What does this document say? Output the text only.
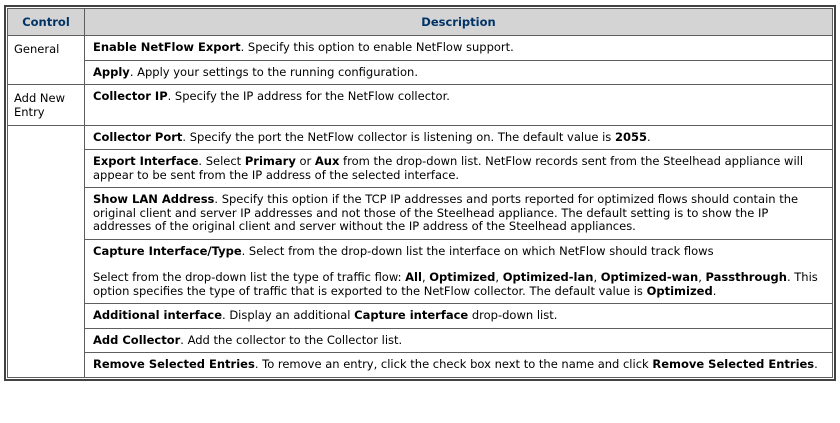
Control	Description
General	Enable NetFlow Export. Specify this option to enable NetFlow support.

	Apply. Apply your settings to the running configuration.

Add New Entry	Collector IP. Specify the IP address for the NetFlow collector.

	Collector Port. Specify the port the NetFlow collector is listening on. The default value is 2055.

	Export Interface. Select Primary or Aux from the drop-down list. NetFlow records sent from the Steelhead appliance will appear to be sent from the IP address of the selected interface.

	Show LAN Address. Specify this option if the TCP IP addresses and ports reported for optimized flows should contain the original client and server IP addresses and not those of the Steelhead appliance. The default setting is to show the IP addresses of the original client and server without the IP address of the Steelhead appliances.

	Capture Interface/Type. Select from the drop-down list the interface on which NetFlow should track flows
Select from the drop-down list the type of traffic flow: All, Optimized, Optimized-lan, Optimized-wan, Passthrough. This option specifies the type of traffic that is exported to the NetFlow collector. The default value is Optimized.

	Additional interface. Display an additional Capture interface drop-down list.

	Add Collector. Add the collector to the Collector list.

	Remove Selected Entries. To remove an entry, click the check box next to the name and click Remove Selected Entries.
